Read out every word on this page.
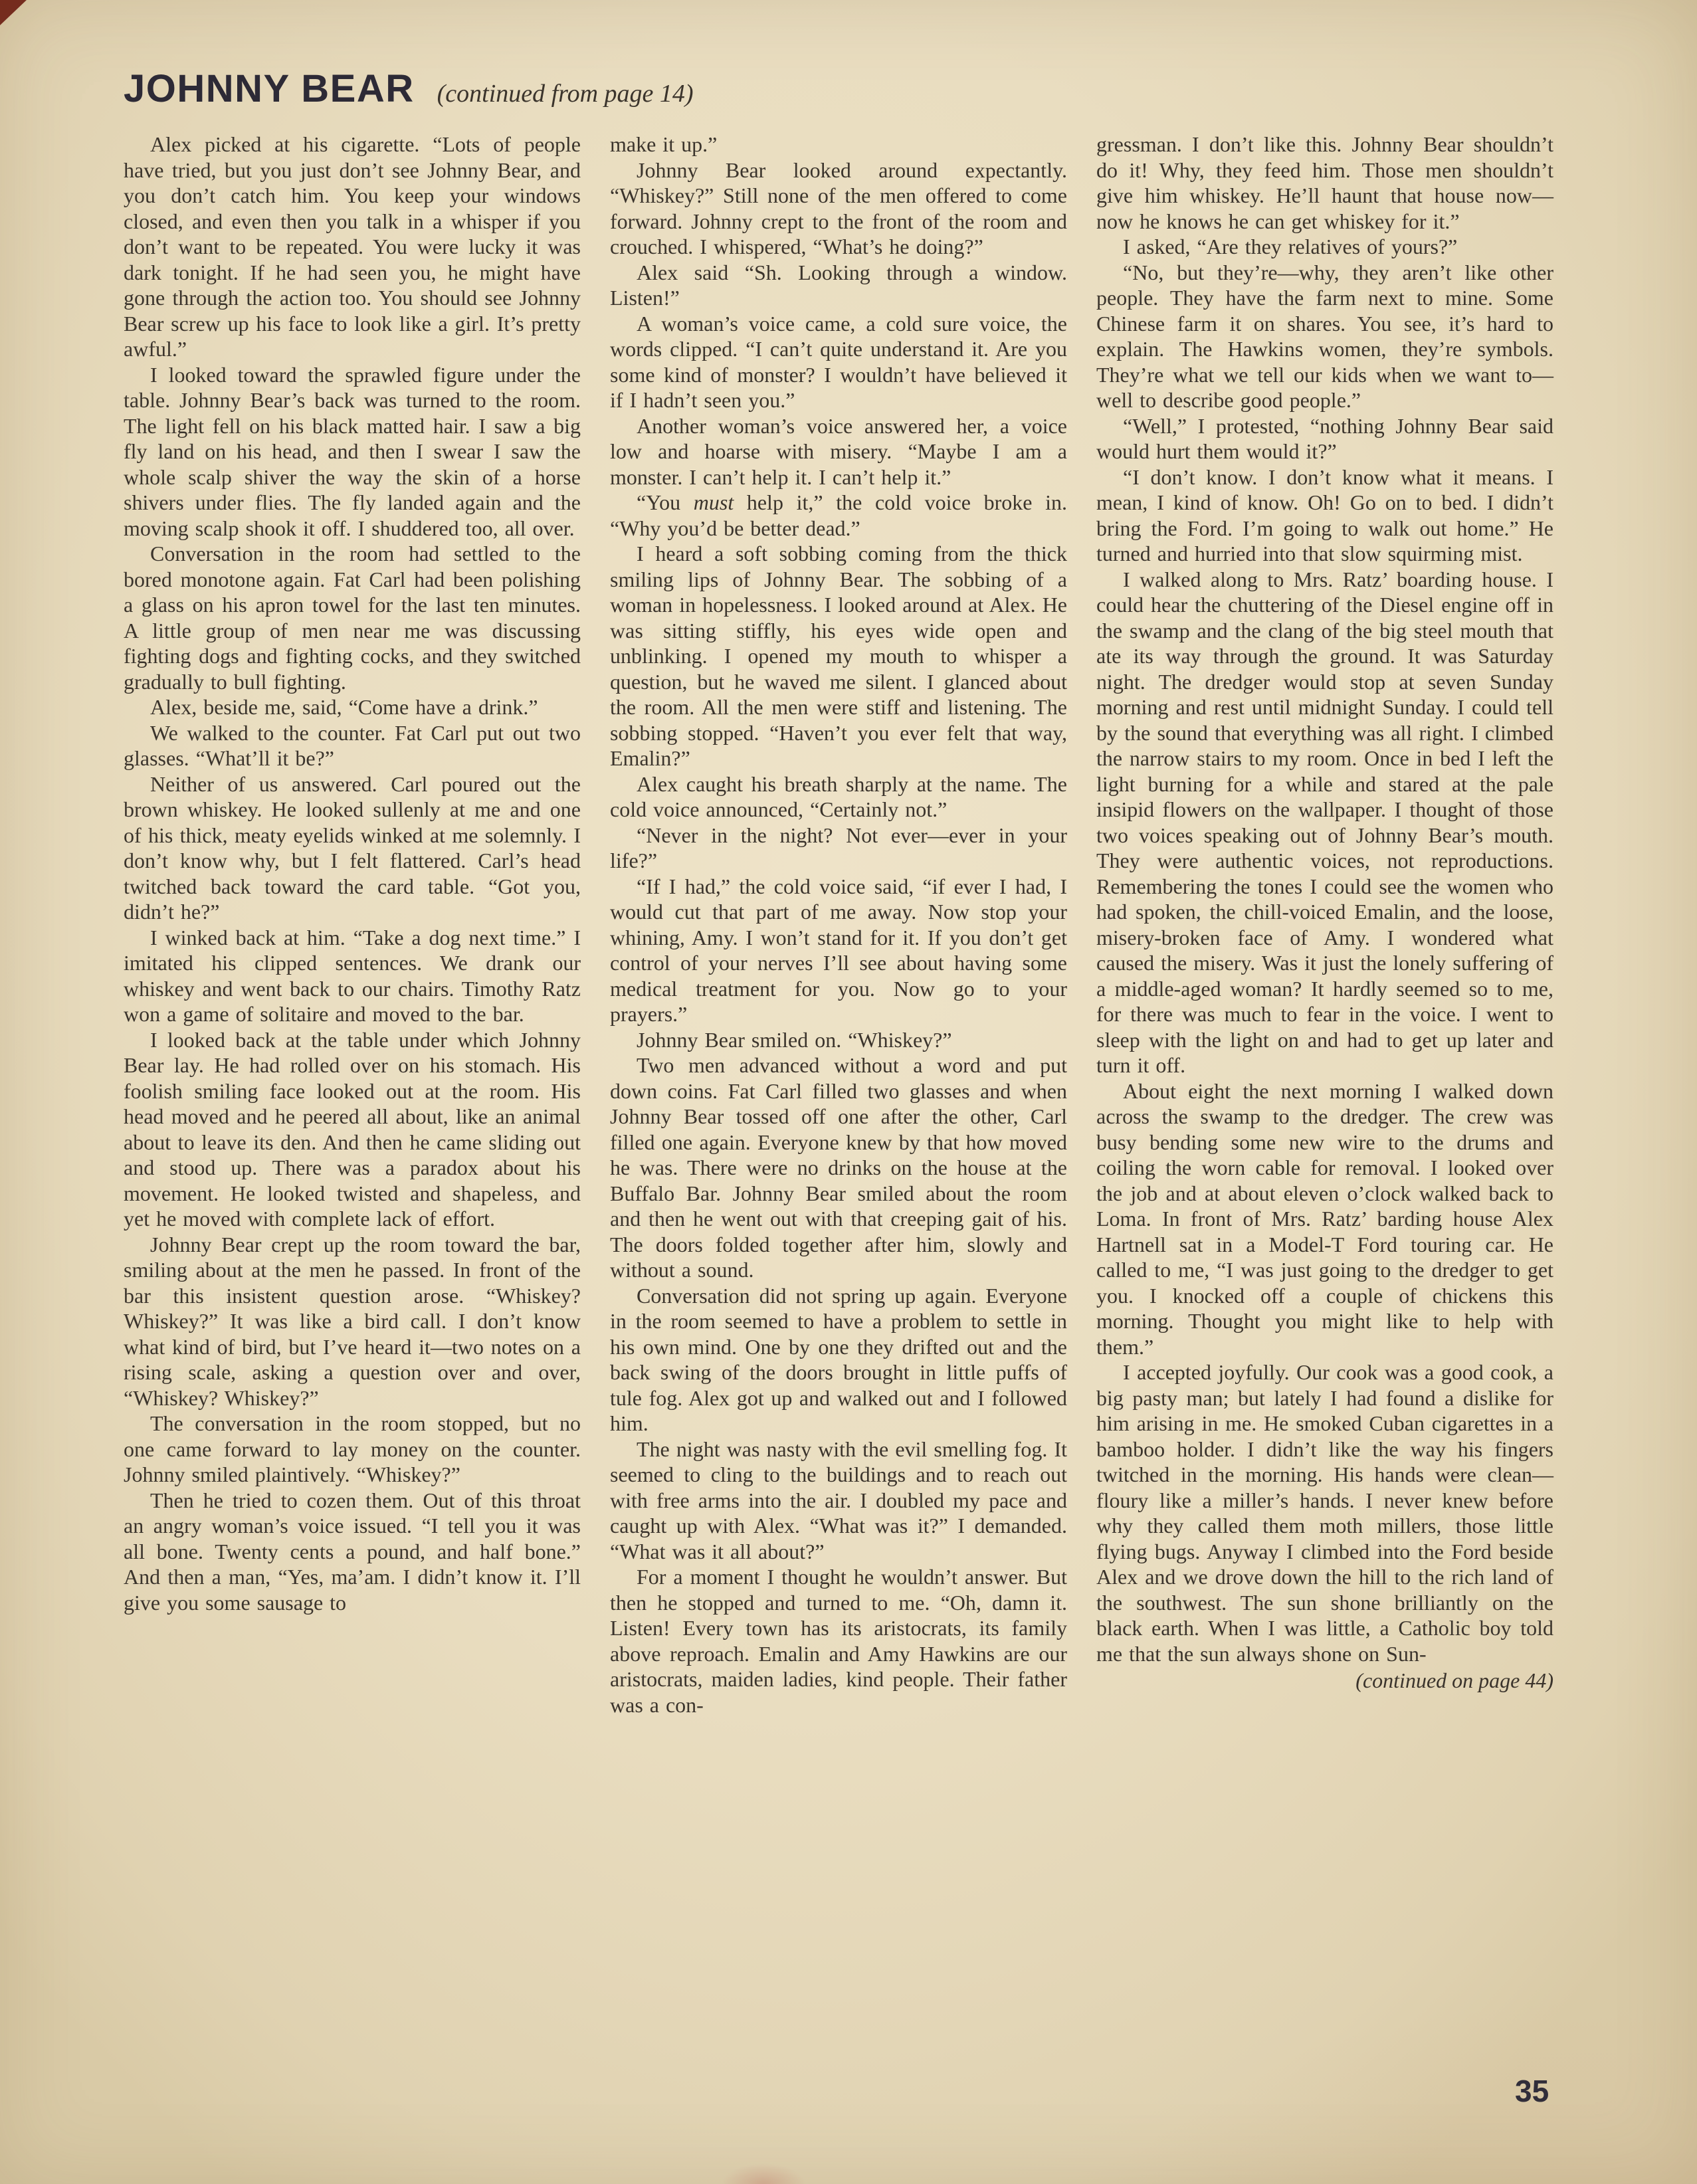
JOHNNY BEAR (continued from page 14)

Alex picked at his cigarette. “Lots of people have tried, but you just don’t see Johnny Bear, and you don’t catch him. You keep your windows closed, and even then you talk in a whisper if you don’t want to be repeated. You were lucky it was dark tonight. If he had seen you, he might have gone through the action too. You should see Johnny Bear screw up his face to look like a girl. It’s pretty awful.”

I looked toward the sprawled figure under the table. Johnny Bear’s back was turned to the room. The light fell on his black matted hair. I saw a big fly land on his head, and then I swear I saw the whole scalp shiver the way the skin of a horse shivers under flies. The fly landed again and the moving scalp shook it off. I shuddered too, all over.

Conversation in the room had settled to the bored monotone again. Fat Carl had been polishing a glass on his apron towel for the last ten minutes. A little group of men near me was discussing fighting dogs and fighting cocks, and they switched gradually to bull fighting.

Alex, beside me, said, “Come have a drink.”

We walked to the counter. Fat Carl put out two glasses. “What’ll it be?”

Neither of us answered. Carl poured out the brown whiskey. He looked sullenly at me and one of his thick, meaty eyelids winked at me solemnly. I don’t know why, but I felt flattered. Carl’s head twitched back toward the card table. “Got you, didn’t he?”

I winked back at him. “Take a dog next time.” I imitated his clipped sentences. We drank our whiskey and went back to our chairs. Timothy Ratz won a game of solitaire and moved to the bar.

I looked back at the table under which Johnny Bear lay. He had rolled over on his stomach. His foolish smiling face looked out at the room. His head moved and he peered all about, like an animal about to leave its den. And then he came sliding out and stood up. There was a paradox about his movement. He looked twisted and shapeless, and yet he moved with complete lack of effort.

Johnny Bear crept up the room toward the bar, smiling about at the men he passed. In front of the bar this insistent question arose. “Whiskey? Whiskey?” It was like a bird call. I don’t know what kind of bird, but I’ve heard it—two notes on a rising scale, asking a question over and over, “Whiskey? Whiskey?”

The conversation in the room stopped, but no one came forward to lay money on the counter. Johnny smiled plaintively. “Whiskey?”

Then he tried to cozen them. Out of this throat an angry woman’s voice issued. “I tell you it was all bone. Twenty cents a pound, and half bone.” And then a man, “Yes, ma’am. I didn’t know it. I’ll give you some sausage to

make it up.”

Johnny Bear looked around expectantly. “Whiskey?” Still none of the men offered to come forward. Johnny crept to the front of the room and crouched. I whispered, “What’s he doing?”

Alex said “Sh. Looking through a window. Listen!”

A woman’s voice came, a cold sure voice, the words clipped. “I can’t quite understand it. Are you some kind of monster? I wouldn’t have believed it if I hadn’t seen you.”

Another woman’s voice answered her, a voice low and hoarse with misery. “Maybe I am a monster. I can’t help it. I can’t help it.”

“You must help it,” the cold voice broke in. “Why you’d be better dead.”

I heard a soft sobbing coming from the thick smiling lips of Johnny Bear. The sobbing of a woman in hopelessness. I looked around at Alex. He was sitting stiffly, his eyes wide open and unblinking. I opened my mouth to whisper a question, but he waved me silent. I glanced about the room. All the men were stiff and listening. The sobbing stopped. “Haven’t you ever felt that way, Emalin?”

Alex caught his breath sharply at the name. The cold voice announced, “Certainly not.”

“Never in the night? Not ever—ever in your life?”

“If I had,” the cold voice said, “if ever I had, I would cut that part of me away. Now stop your whining, Amy. I won’t stand for it. If you don’t get control of your nerves I’ll see about having some medical treatment for you. Now go to your prayers.”

Johnny Bear smiled on. “Whiskey?”

Two men advanced without a word and put down coins. Fat Carl filled two glasses and when Johnny Bear tossed off one after the other, Carl filled one again. Everyone knew by that how moved he was. There were no drinks on the house at the Buffalo Bar. Johnny Bear smiled about the room and then he went out with that creeping gait of his. The doors folded together after him, slowly and without a sound.

Conversation did not spring up again. Everyone in the room seemed to have a problem to settle in his own mind. One by one they drifted out and the back swing of the doors brought in little puffs of tule fog. Alex got up and walked out and I followed him.

The night was nasty with the evil smelling fog. It seemed to cling to the buildings and to reach out with free arms into the air. I doubled my pace and caught up with Alex. “What was it?” I demanded. “What was it all about?”

For a moment I thought he wouldn’t answer. But then he stopped and turned to me. “Oh, damn it. Listen! Every town has its aristocrats, its family above reproach. Emalin and Amy Hawkins are our aristocrats, maiden ladies, kind people. Their father was a con-

gressman. I don’t like this. Johnny Bear shouldn’t do it! Why, they feed him. Those men shouldn’t give him whiskey. He’ll haunt that house now—now he knows he can get whiskey for it.”

I asked, “Are they relatives of yours?”

“No, but they’re—why, they aren’t like other people. They have the farm next to mine. Some Chinese farm it on shares. You see, it’s hard to explain. The Hawkins women, they’re symbols. They’re what we tell our kids when we want to—well to describe good people.”

“Well,” I protested, “nothing Johnny Bear said would hurt them would it?”

“I don’t know. I don’t know what it means. I mean, I kind of know. Oh! Go on to bed. I didn’t bring the Ford. I’m going to walk out home.” He turned and hurried into that slow squirming mist.

I walked along to Mrs. Ratz’ boarding house. I could hear the chuttering of the Diesel engine off in the swamp and the clang of the big steel mouth that ate its way through the ground. It was Saturday night. The dredger would stop at seven Sunday morning and rest until midnight Sunday. I could tell by the sound that everything was all right. I climbed the narrow stairs to my room. Once in bed I left the light burning for a while and stared at the pale insipid flowers on the wallpaper. I thought of those two voices speaking out of Johnny Bear’s mouth. They were authentic voices, not reproductions. Remembering the tones I could see the women who had spoken, the chill-voiced Emalin, and the loose, misery-broken face of Amy. I wondered what caused the misery. Was it just the lonely suffering of a middle-aged woman? It hardly seemed so to me, for there was much to fear in the voice. I went to sleep with the light on and had to get up later and turn it off.

About eight the next morning I walked down across the swamp to the dredger. The crew was busy bending some new wire to the drums and coiling the worn cable for removal. I looked over the job and at about eleven o’clock walked back to Loma. In front of Mrs. Ratz’ barding house Alex Hartnell sat in a Model-T Ford touring car. He called to me, “I was just going to the dredger to get you. I knocked off a couple of chickens this morning. Thought you might like to help with them.”

I accepted joyfully. Our cook was a good cook, a big pasty man; but lately I had found a dislike for him arising in me. He smoked Cuban cigarettes in a bamboo holder. I didn’t like the way his fingers twitched in the morning. His hands were clean—floury like a miller’s hands. I never knew before why they called them moth millers, those little flying bugs. Anyway I climbed into the Ford beside Alex and we drove down the hill to the rich land of the southwest. The sun shone brilliantly on the black earth. When I was little, a Catholic boy told me that the sun always shone on Sun-

(continued on page 44)
35
